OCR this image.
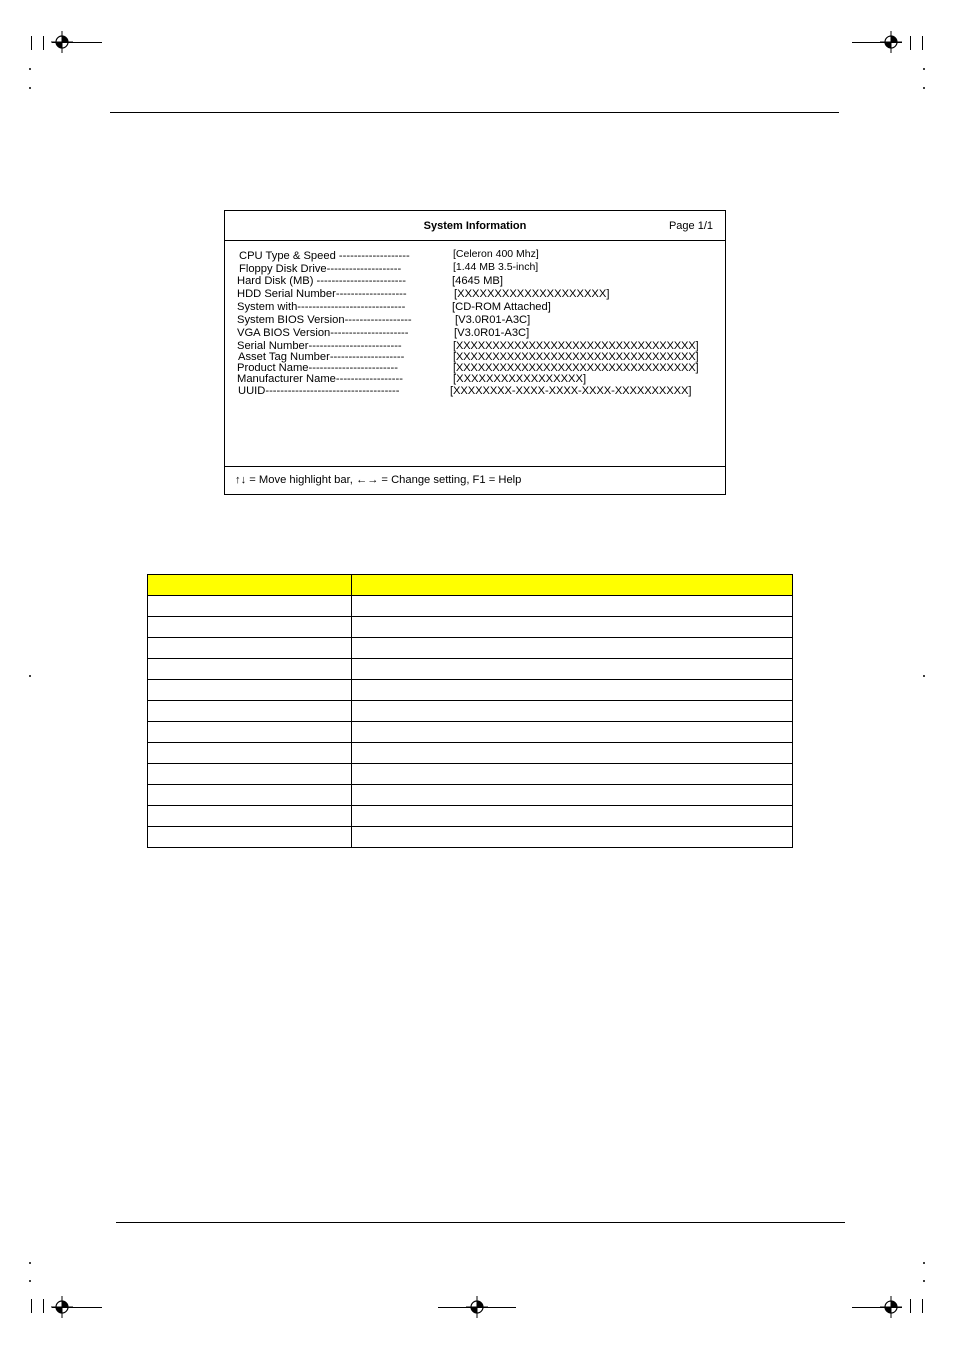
System Information	Page 1/1
CPU Type & Speed -------------------	[Celeron 400 Mhz]
Floppy Disk Drive--------------------	[1.44 MB 3.5-inch]
Hard Disk (MB) ------------------------	[4645 MB]
HDD Serial Number-------------------	[XXXXXXXXXXXXXXXXXXXX]
System with-----------------------------	[CD-ROM Attached]
System BIOS Version------------------	[V3.0R01-A3C]
VGA BIOS Version---------------------	[V3.0R01-A3C]
Serial Number-------------------------	[XXXXXXXXXXXXXXXXXXXXXXXXXXXXXXXXX]
Asset Tag Number--------------------	[XXXXXXXXXXXXXXXXXXXXXXXXXXXXXXXXX]
Product Name------------------------	[XXXXXXXXXXXXXXXXXXXXXXXXXXXXXXXXX]
Manufacturer Name------------------	[XXXXXXXXXXXXXXXXX]
UUID------------------------------------	[XXXXXXXX-XXXX-XXXX-XXXX-XXXXXXXXXX]
↑↓ = Move highlight bar, ←→ = Change setting, F1 = Help
